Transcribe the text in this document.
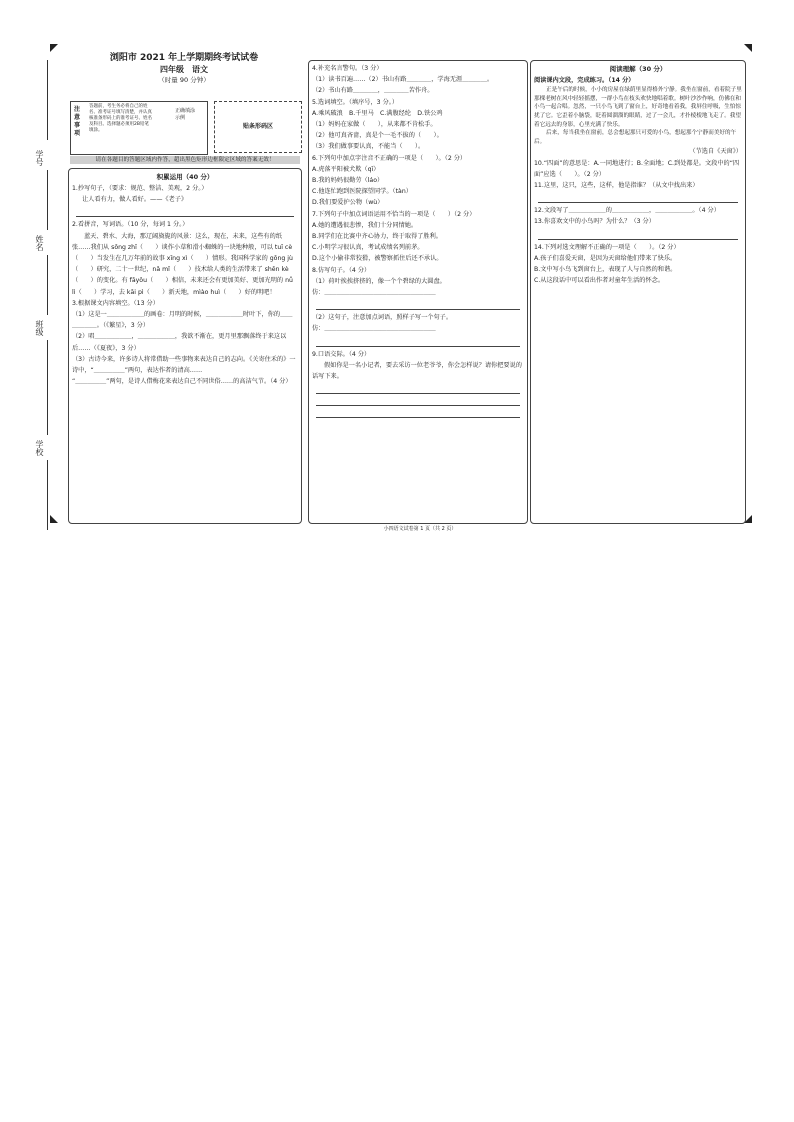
学号
姓名
班级
学校
浏阳市 2021 年上学期期终考试试卷
四年级　语文
（时量 90 分钟）
注意事项
答题前，考生务必将自己的姓名、准考证号填写清楚，并认真核准条形码上的准考证号、姓名及科目。选择题必须用2B铅笔填涂。
正确填涂示例
贴条形码区
请在各题目的答题区域内作答，超出黑色矩形边框限定区域的答案无效！
积累运用（40 分）
1.抄写句子，（要求：规范、整洁、美观，2 分。）
让人看有力，做人看好。——《老子》
2.看拼音，写词语。（10 分，每词 1 分。）
蓝天、碧水、大海，那辽阔旖旎的风景：这么，现在，未来，这些有的纸张……我们从 sōng zhī（　　）谈作小草和滑小蜘蛛的一块地种般，可以 tuī cè（　　）当发生在几万年前的故事 xīng xì（　　）情形。我国科学家的 gōng jù（　　）研究，二十一世纪，nǎ mǐ（　　）技术给人类的生活带来了 shēn kè（　　）的变化。有 fāyǒu（　　）相信，未来还会有更加美好、更加光明的 nǚ lì（　　）学习，去 kāi pì（　　）新天地，mìào huì（　　）好的明吧！
3.根据课文内容填空。（13 分）
（1）这是一＿＿＿＿＿＿的画卷：月明的时候，＿＿＿＿＿＿时叶下，你的＿＿＿＿＿＿。（《繁星》，3 分）
（2）唱＿＿＿＿＿＿，＿＿＿＿＿＿，我欲不渐在，更月里那飘落终于来这以后……（《夏夜》，3 分）
（3）古诗今来，许多诗人将常借助一些事物来表达自己的志向。《关寄住禾的》一诗中，“＿＿＿＿＿”两句，表达作者的清高……
“＿＿＿＿＿”两句，是诗人借梅花来表达自己不同世俗……的高洁气节。（4 分）
4.补充名言警句。（3 分）
（1）读书百遍……（2）书山有路＿＿＿＿，学海无涯＿＿＿＿。
（2）书山有路＿＿＿＿，＿＿＿＿苦作舟。
5.选词填空。（填序号，3 分。）
A.乘风破浪　B.千里马　C.满腹经纶　D.铁公鸡
（1）妈妈在家做（　　），从来都不肯松手。
（2）他可真吝啬，真是个一毛不拔的（　　）。
（3）我们做事要认真，不能当（　　）。
6.下列句中加点字注音不正确的一项是（　　）。（2 分）
A.虎落平阳被犬欺（qī）
B.我的妈妈很勤劳（láo）
C.他连忙跑到医院探望同学。（tàn）
D.我们要爱护公物（wù）
7.下列句子中加点词语运用不恰当的一项是（　　）（2 分）
A.她的遭遇很悲惨，我们十分同情她。
B.同学们在比赛中齐心协力，终于取得了胜利。
C.小明学习很认真，考试成绩名列前茅。
D.这个小偷非常狡猾，被警察抓住后还不承认。
8.仿写句子。（4 分）
（1）荷叶挨挨挤挤的，像一个个碧绿的大圆盘。
仿：＿＿＿＿＿＿＿＿＿＿＿＿＿＿＿＿＿＿
（2）这句子，注意加点词语，照样子写一个句子。
仿：＿＿＿＿＿＿＿＿＿＿＿＿＿＿＿＿＿＿
9.口语交际。（4 分）
假如你是一名小记者，要去采访一位老爷爷，你会怎样说？请你把要说的话写下来。
阅读理解（30 分）
阅读课内文段，完成练习。（14 分）
正是午后的时候，小小的房屋在绿荫里显得格外宁静。我坐在窗前，看着院子里那棵老树在风中轻轻摇摆，一群小鸟在枝头欢快地唱着歌。树叶沙沙作响，仿佛在和小鸟一起合唱。忽然，一只小鸟飞到了窗台上，好奇地看着我，我屏住呼吸，生怕惊扰了它。它歪着小脑袋，眨着圆溜溜的眼睛，过了一会儿，才扑棱棱地飞走了。我望着它远去的身影，心里充满了快乐。
后来，每当我坐在窗前，总会想起那只可爱的小鸟，想起那个宁静而美好的午后。
（节选自《天窗》）
10.“四面”的意思是：A.一同地进行；B.全面地；C.到处都是。文段中的“四面”应选（　　）。（2 分）
11.这里，这只，这些，这样，他是指谁？（从文中找出来）
12.文段写了＿＿＿＿＿＿的＿＿＿＿＿＿，＿＿＿＿＿＿。（4 分）
13.你喜欢文中的小鸟吗？为什么？（3 分）
14.下列对选文理解不正确的一项是（　　）。（2 分）
A.孩子们喜爱天窗，是因为天窗给他们带来了快乐。
B.文中写小鸟飞到窗台上，表现了人与自然的和谐。
C.从这段话中可以看出作者对童年生活的怀念。
小四语文试卷第 1 页（共 2 页）
